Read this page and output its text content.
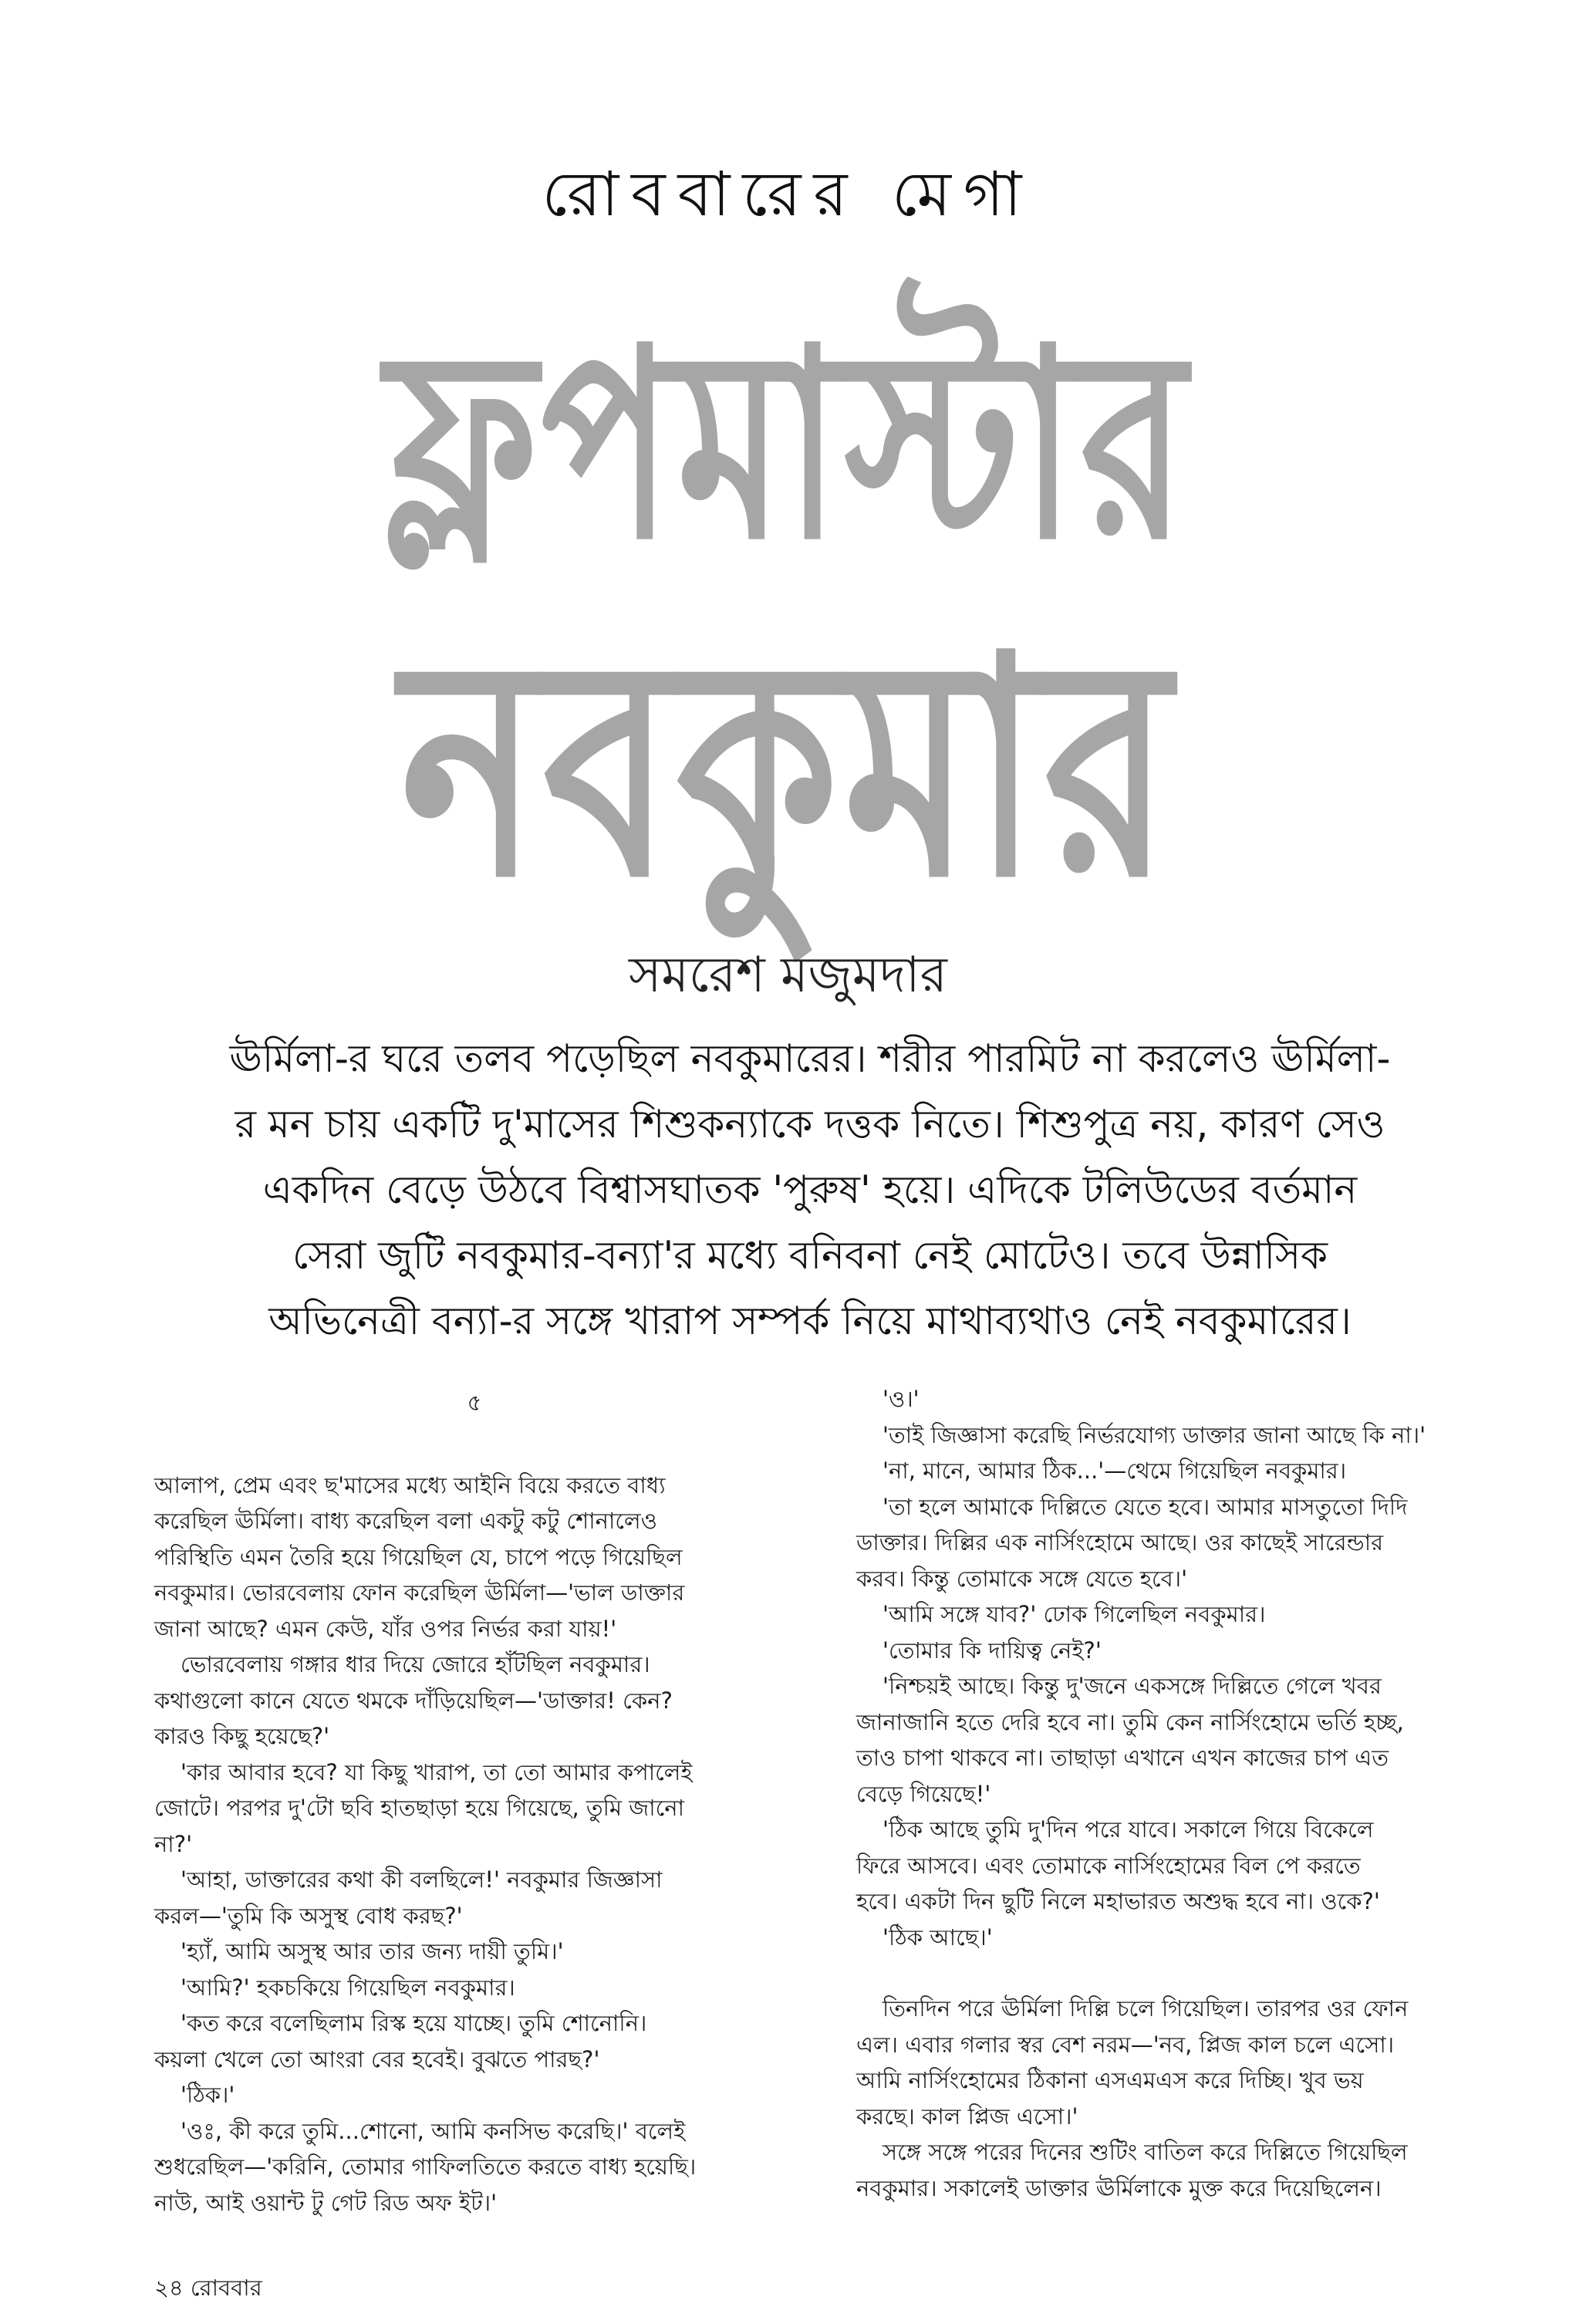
রোববারের মেগা
ফ্লপমাস্টার
নবকুমার
সমরেশ মজুমদার

ঊর্মিলা-র ঘরে তলব পড়েছিল নবকুমারের। শরীর পারমিট না করলেও ঊর্মিলা-

র মন চায় একটি দু'মাসের শিশুকন্যাকে দত্তক নিতে। শিশুপুত্র নয়, কারণ সেও

একদিন বেড়ে উঠবে বিশ্বাসঘাতক 'পুরুষ' হয়ে। এদিকে টলিউডের বর্তমান

সেরা জুটি নবকুমার-বন্যা'র মধ্যে বনিবনা নেই মোটেও। তবে উন্নাসিক

অভিনেত্রী বন্যা-র সঙ্গে খারাপ সম্পর্ক নিয়ে মাথাব্যথাও নেই নবকুমারের।

৫

আলাপ, প্রেম এবং ছ'মাসের মধ্যে আইনি বিয়ে করতে বাধ্য

করেছিল ঊর্মিলা। বাধ্য করেছিল বলা একটু কটু শোনালেও

পরিস্থিতি এমন তৈরি হয়ে গিয়েছিল যে, চাপে পড়ে গিয়েছিল

নবকুমার। ভোরবেলায় ফোন করেছিল ঊর্মিলা—'ভাল ডাক্তার

জানা আছে? এমন কেউ, যাঁর ওপর নির্ভর করা যায়!'

ভোরবেলায় গঙ্গার ধার দিয়ে জোরে হাঁটছিল নবকুমার।

কথাগুলো কানে যেতে থমকে দাঁড়িয়েছিল—'ডাক্তার! কেন?

কারও কিছু হয়েছে?'

'কার আবার হবে? যা কিছু খারাপ, তা তো আমার কপালেই

জোটে। পরপর দু'টো ছবি হাতছাড়া হয়ে গিয়েছে, তুমি জানো

না?'

'আহা, ডাক্তারের কথা কী বলছিলে!' নবকুমার জিজ্ঞাসা

করল—'তুমি কি অসুস্থ বোধ করছ?'

'হ্যাঁ, আমি অসুস্থ আর তার জন্য দায়ী তুমি।'

'আমি?' হকচকিয়ে গিয়েছিল নবকুমার।

'কত করে বলেছিলাম রিস্ক হয়ে যাচ্ছে। তুমি শোনোনি।

কয়লা খেলে তো আংরা বের হবেই। বুঝতে পারছ?'

'ঠিক।'

'ওঃ, কী করে তুমি...শোনো, আমি কনসিভ করেছি।' বলেই

শুধরেছিল—'করিনি, তোমার গাফিলতিতে করতে বাধ্য হয়েছি।

নাউ, আই ওয়ান্ট টু গেট রিড অফ ইট।'

'ও।'

'তাই জিজ্ঞাসা করেছি নির্ভরযোগ্য ডাক্তার জানা আছে কি না।'

'না, মানে, আমার ঠিক...'—থেমে গিয়েছিল নবকুমার।

'তা হলে আমাকে দিল্লিতে যেতে হবে। আমার মাসতুতো দিদি

ডাক্তার। দিল্লির এক নার্সিংহোমে আছে। ওর কাছেই সারেন্ডার

করব। কিন্তু তোমাকে সঙ্গে যেতে হবে।'

'আমি সঙ্গে যাব?' ঢোক গিলেছিল নবকুমার।

'তোমার কি দায়িত্ব নেই?'

'নিশ্চয়ই আছে। কিন্তু দু'জনে একসঙ্গে দিল্লিতে গেলে খবর

জানাজানি হতে দেরি হবে না। তুমি কেন নার্সিংহোমে ভর্তি হচ্ছ,

তাও চাপা থাকবে না। তাছাড়া এখানে এখন কাজের চাপ এত

বেড়ে গিয়েছে!'

'ঠিক আছে তুমি দু'দিন পরে যাবে। সকালে গিয়ে বিকেলে

ফিরে আসবে। এবং তোমাকে নার্সিংহোমের বিল পে করতে

হবে। একটা দিন ছুটি নিলে মহাভারত অশুদ্ধ হবে না। ওকে?'

'ঠিক আছে।'

তিনদিন পরে ঊর্মিলা দিল্লি চলে গিয়েছিল। তারপর ওর ফোন

এল। এবার গলার স্বর বেশ নরম—'নব, প্লিজ কাল চলে এসো।

আমি নার্সিংহোমের ঠিকানা এসএমএস করে দিচ্ছি। খুব ভয়

করছে। কাল প্লিজ এসো।'

সঙ্গে সঙ্গে পরের দিনের শুটিং বাতিল করে দিল্লিতে গিয়েছিল

নবকুমার। সকালেই ডাক্তার ঊর্মিলাকে মুক্ত করে দিয়েছিলেন।

২৪ রোববার
